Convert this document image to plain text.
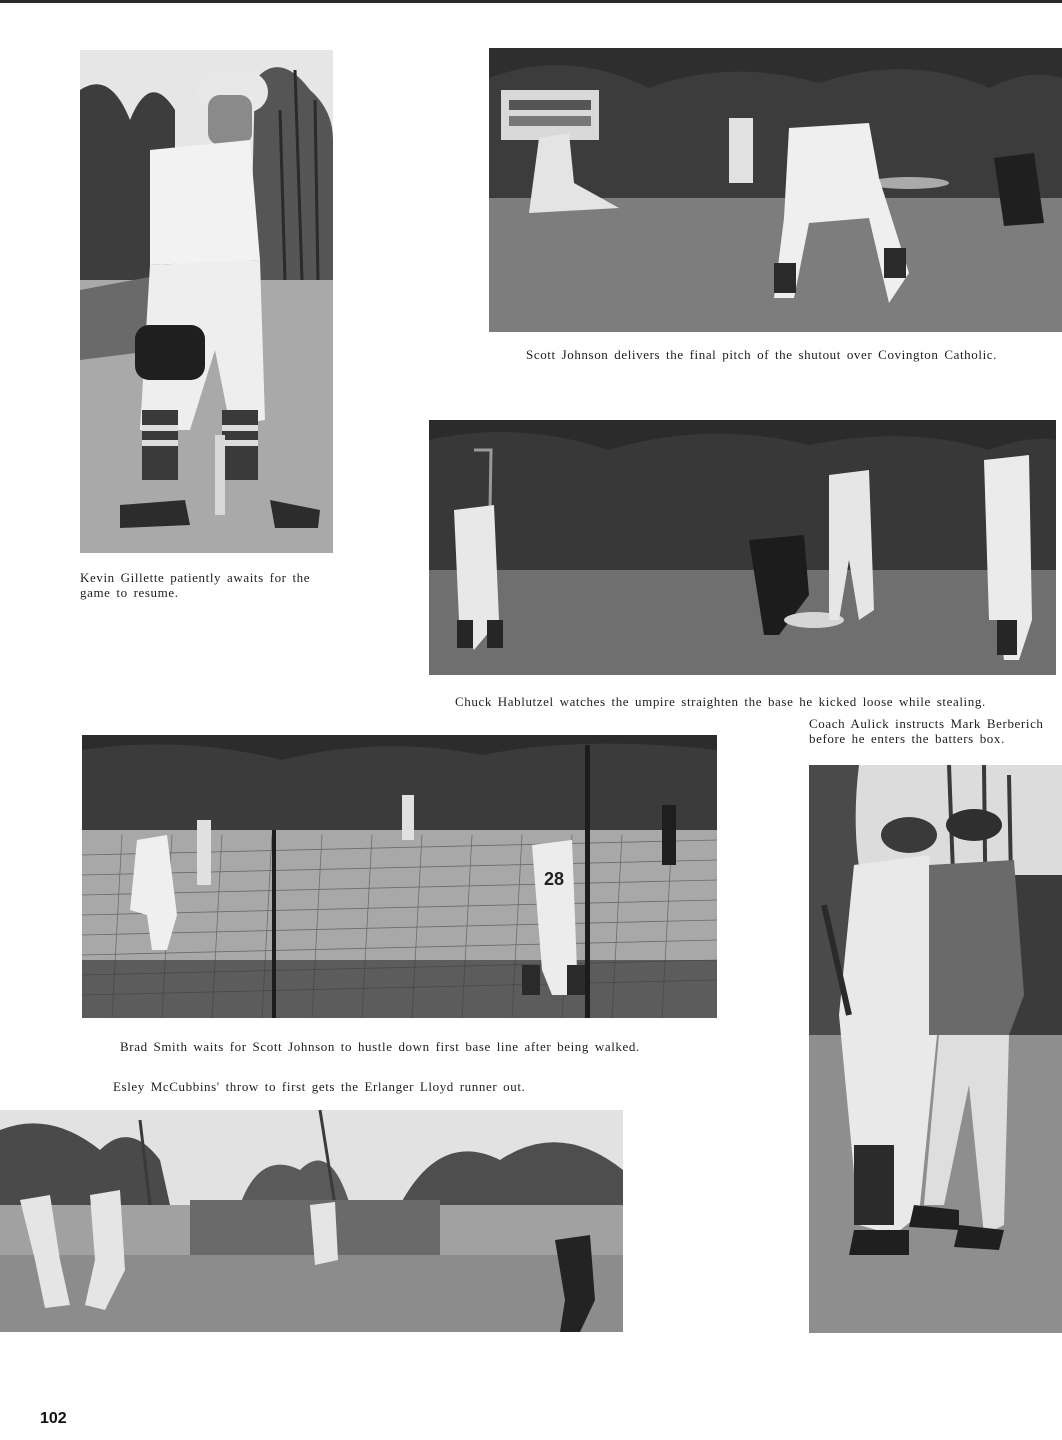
Kevin Gillette patiently awaits for the game to resume.
Scott Johnson delivers the final pitch of the shutout over Covington Catholic.
Chuck Hablutzel watches the umpire straighten the base he kicked loose while stealing.
Coach Aulick instructs Mark Berberich before he enters the batters box.
28
Brad Smith waits for Scott Johnson to hustle down first base line after being walked.
Esley McCubbins' throw to first gets the Erlanger Lloyd runner out.
102
